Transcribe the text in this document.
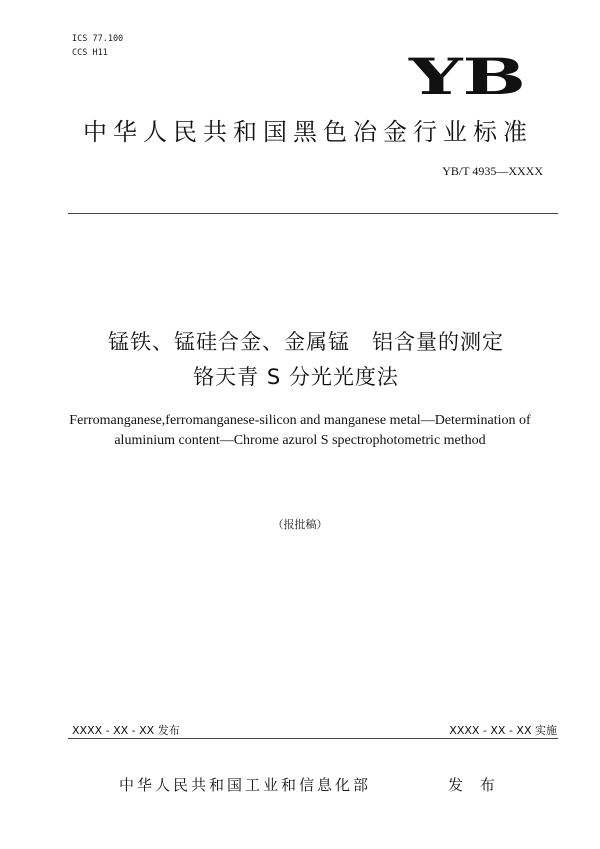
ICS 77.100
CCS H11	YB
中华人民共和国黑色冶金行业标准
YB/T 4935—XXXX
锰铁、锰硅合金、金属锰　铝含量的测定
铬天青 S 分光光度法
Ferromanganese,ferromanganese-silicon and manganese metal—Determination of
aluminium content—Chrome azurol S spectrophotometric method
（报批稿）
XXXX - XX - XX 发布	XXXX - XX - XX 实施
中华人民共和国工业和信息化部	发 布
